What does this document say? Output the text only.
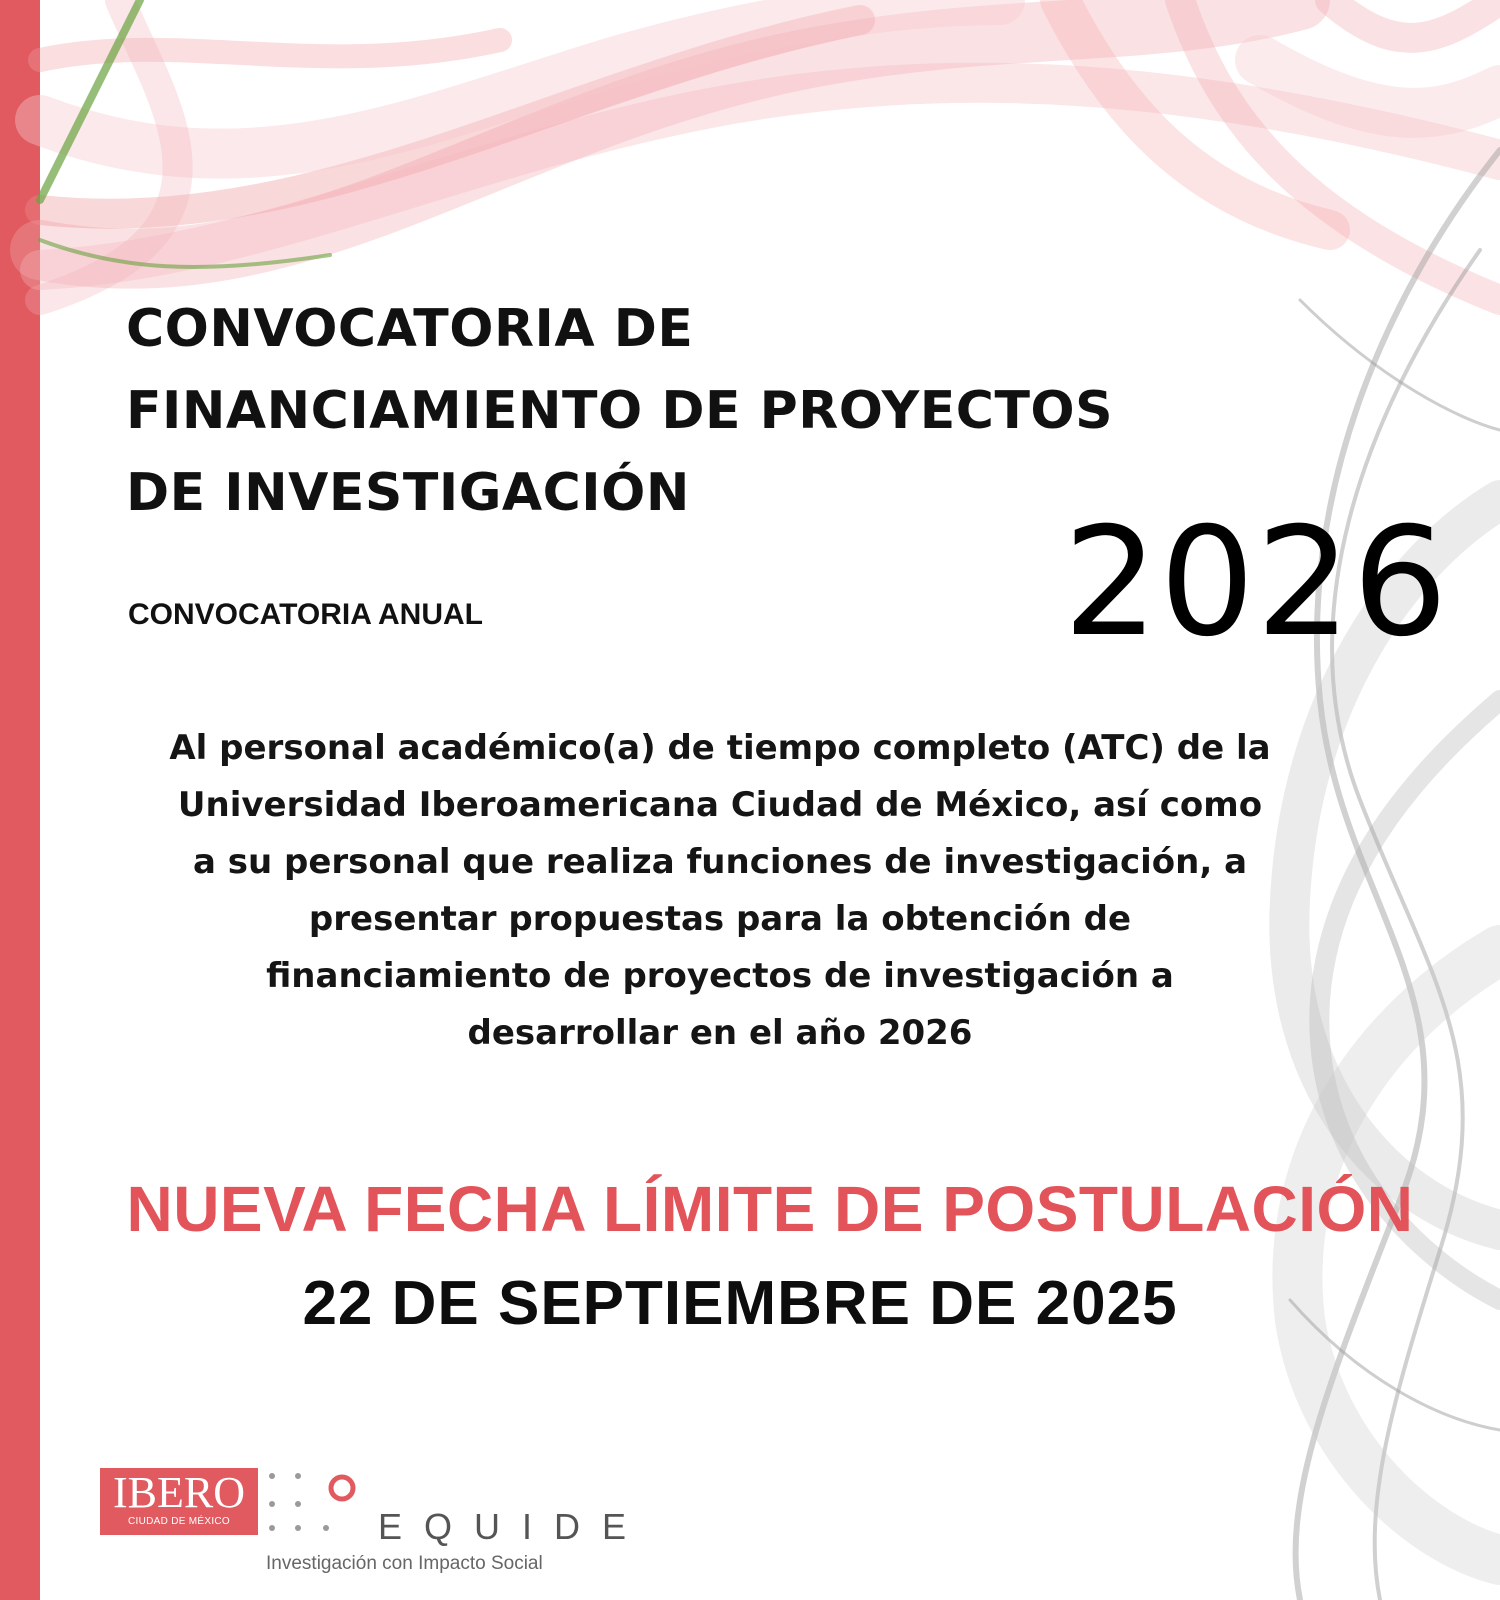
CONVOCATORIA DE
FINANCIAMIENTO DE PROYECTOS
DE INVESTIGACIÓN
2026
CONVOCATORIA ANUAL
Al personal académico(a) de tiempo completo (ATC) de la
Universidad Iberoamericana Ciudad de México, así como
a su personal que realiza funciones de investigación, a
presentar propuestas para la obtención de
financiamiento de proyectos de investigación a
desarrollar en el año 2026
NUEVA FECHA LÍMITE DE POSTULACIÓN
22 DE SEPTIEMBRE DE 2025
IBERO
CIUDAD DE MÉXICO	EQUIDE
Investigación con Impacto Social
